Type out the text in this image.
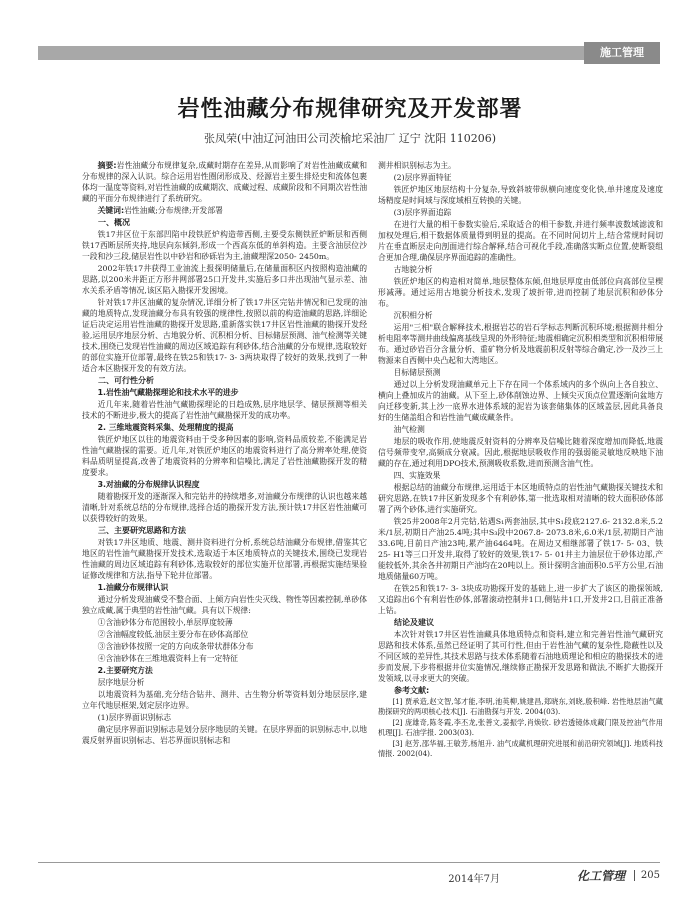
施工管理
岩性油藏分布规律研究及开发部署
张凤荣(中油辽河油田公司茨榆坨采油厂 辽宁 沈阳 110206)

摘要:岩性油藏分布规律复杂,成藏时期存在差异,从而影响了对岩性油藏成藏和分布规律的深入认识。综合运用岩性圈闭形成及、烃源岩主要生排烃史和流体包裹体均一温度等资料,对岩性油藏的成藏期次、成藏过程、成藏阶段和不同期次岩性油藏的平面分布规律进行了系统研究。

关键词:岩性油藏;分布规律;开发部署

一、概况

铁17井区位于东部凹陷中段铁匠炉构造带西侧,主要受东侧铁匠炉断层和西侧铁17西断层所夹持,地层向东倾斜,形成一个西高东低的单斜构造。主要含油层位沙一段和沙三段,储层岩性以中砂岩和砂砾岩为主,油藏埋深2050- 2450m。

2002年铁17井获得工业油流上报探明储量后,在储量面积区内按照构造油藏的思路,以200米井距正方形井网部署25口开发井,实施后多口井出现油气显示差、油水关系矛盾等情况,该区陷入勘探开发困境。

针对铁17井区油藏的复杂情况,详细分析了铁17井区完钻井情况和已发现的油藏的地质特点,发现油藏分布具有较强的规律性,按照以前的构造油藏的思路,详细论证后决定运用岩性油藏的勘探开发思路,重新落实铁17井区岩性油藏的勘探开发经验,运用层序地层分析、古地貌分析、沉积相分析、目标储层预测、油气检测等关键技术,围绕已发现岩性油藏的周边区域追踪有利砂体,结合油藏的分布规律,选取较好的部位实施开位部署,最终在铁25和铁17- 3- 3两块取得了较好的效果,找到了一种适合本区勘探开发的有效方法。

二、可行性分析

1.岩性油气藏勘探理论和技术水平的进步

近几年来,随着岩性油气藏勘探理论的日趋成熟,层序地层学、储层预测等相关技术的不断进步,极大的提高了岩性油气藏勘探开发的成功率。

2. 三维地震资料采集、处理精度的提高

铁匠炉地区以往的地震资料由于受多种因素的影响,资料品质较差,不能满足岩性油气藏勘探的需要。近几年,对铁匠炉地区的地震资料进行了高分辨率处理,使资料品质明显提高,改善了地震资料的分辨率和信噪比,满足了岩性油藏勘探开发的精度要求。

3.对油藏的分布规律认识程度

随着勘探开发的逐渐深入和完钻井的持续增多,对油藏分布规律的认识也越来越清晰,针对系统总结的分布规律,选择合适的勘探开发方法,预计铁17井区岩性油藏可以获得较好的效果。

三、主要研究思路和方法

对铁17井区地质、地震、测井资料进行分析,系统总结油藏分布规律,借鉴其它地区的岩性油气藏勘探开发技术,选取适于本区地质特点的关键技术,围绕已发现岩性油藏的周边区域追踪有利砂体,选取较好的部位实施开位部署,再根据实施结果验证修改规律和方法,指导下轮井位部署。

1.油藏分布规律认识

通过分析发现油藏受不整合面、上倾方向岩性尖灭线、物性等因素控制,单砂体独立成藏,属于典型的岩性油气藏。具有以下规律:

①含油砂体分布范围较小,单层厚度较薄

②含油幅度较低,油层主要分布在砂体高部位

③含油砂体按照一定的方向成条带状群体分布

④含油砂体在三维地震资料上有一定特征

2.主要研究方法

层序地层分析

以地震资料为基础,充分结合钻井、测井、古生物分析等资料划分地层层序,建立年代地层框架,划定层序边界。

(1)层序界面识别标志

确定层序界面识别标志是划分层序地层的关键。在层序界面的识别标志中,以地震反射界面识别标志、岩芯界面识别标志和

测井相识别标志为主。

(2)层序界面特征

铁匠炉地区地层结构十分复杂,导致斜坡带纵横向速度变化快,单井速度及速度场精度是时间域与深度域相互转换的关键。

(3)层序界面追踪

在进行大量的相干参数实验后,采取适合的相干参数,并进行频率波数域滤波和加权处理后,相干数据体质量得到明显的提高。在不同时间切片上,结合常规时间切片在垂直断层走向剖面进行综合解释,结合可视化手段,准确落实断点位置,使断裂组合更加合理,确保层序界面追踪的准确性。

古地貌分析

铁匠炉地区的构造相对简单,地层整体东倾,但地层厚度由低部位向高部位呈楔形减薄。通过运用古地貌分析技术,发现了坡折带,进而控制了地层沉积和砂体分布。

沉积相分析

运用"三相"联合解释技术,根据岩芯的岩石学标志判断沉积环境;根据测井相分析电阻率等测井曲线偏离基线呈现的外形特征;地震相确定沉积相类型和沉积相带展布。通过砂岩百分含量分析、重矿物分析及地震前积反射等综合确定,沙一及沙三上物源来自西侧中央凸起和大湾地区。

目标储层预测

通过以上分析发现油藏单元上下存在同一个体系域内的多个纵向上各自独立、横向上叠加成片的油藏。从下至上,砂体削蚀边界、上倾尖灭顶点位置逐渐向盆地方向迁移变新,其上沙一底界水进体系域的泥岩为该套储集体的区域盖层,因此具备良好的生储盖组合和岩性油气藏成藏条件。

油气检测

地层的吸收作用,使地震反射资料的分辨率及信噪比随着深度增加而降低,地震信号频带变窄,高频成分衰减。因此,根据地层吸收作用的强弱能灵敏地反映地下油藏的存在,通过利用DPO技术,预测吸收系数,进而预测含油气性。

四、实施效果

根据总结的油藏分布规律,运用适于本区地质特点的岩性油气藏勘探关键技术和研究思路,在铁17井区新发现多个有利砂体,第一批选取相对清晰的较大面积砂体部署了两个砂体,进行实施研究。

铁25井2008年2月完钻,钻遇S₁两套油层,其中S₁段底2127.6- 2132.8米,5.2米/1层,初期日产油25.4吨;其中S₃段中2067.8- 2073.8米,6.0米/1层,初期日产油33.6吨,目前日产油23吨,累产油6464吨。在周边又相继部署了铁17- 5- 03、铁25- H1等三口开发井,取得了较好的效果,铁17- 5- 01井主力油层位于砂体边部,产能较低外,其余各井初期日产油均在20吨以上。预计探明含油面积0.5平方公里,石油地质储量60万吨。

在铁25和铁17- 3- 3块成功勘探开发的基础上,进一步扩大了该区的勘探领域,又追踪出6个有利岩性砂体,部署滚动控制井1口,侧钻井1口,开发井2口,目前正准备上钻。

结论及建议

本次针对铁17井区岩性油藏具体地质特点和资料,建立和完善岩性油气藏研究思路和技术体系,虽然已经证明了其可行性,但由于岩性油气藏的复杂性,隐蔽性以及不同区域的差异性,其技术思路与技术体系随着石油地质理论和相应的勘探技术的进步而发展,下步将根据井位实施情况,继续修正勘探开发思路和做法,不断扩大勘探开发领域,以寻求更大的突破。

参考文献:

[1] 贾承造,赵文智,邹才能,李明,池英柳,姚建昌,郑晓东,刘晓,殷积峰. 岩性地层油气藏勘探研究的两项核心技术[J]. 石油勘探与开发. 2004(03).

[2] 庞雄奇,陈冬霞,李丕龙,张善文,姜振学,肖焕钦. 砂岩透镜体成藏门限及控油气作用机理[J]. 石油学报. 2003(03).

[3] 赵芳,邵华福,王敏芳,杨旭升. 油气成藏机理研究进展和前沿研究领域[J]. 地质科技情报. 2002(04).

2014年7月	化工管理	205
